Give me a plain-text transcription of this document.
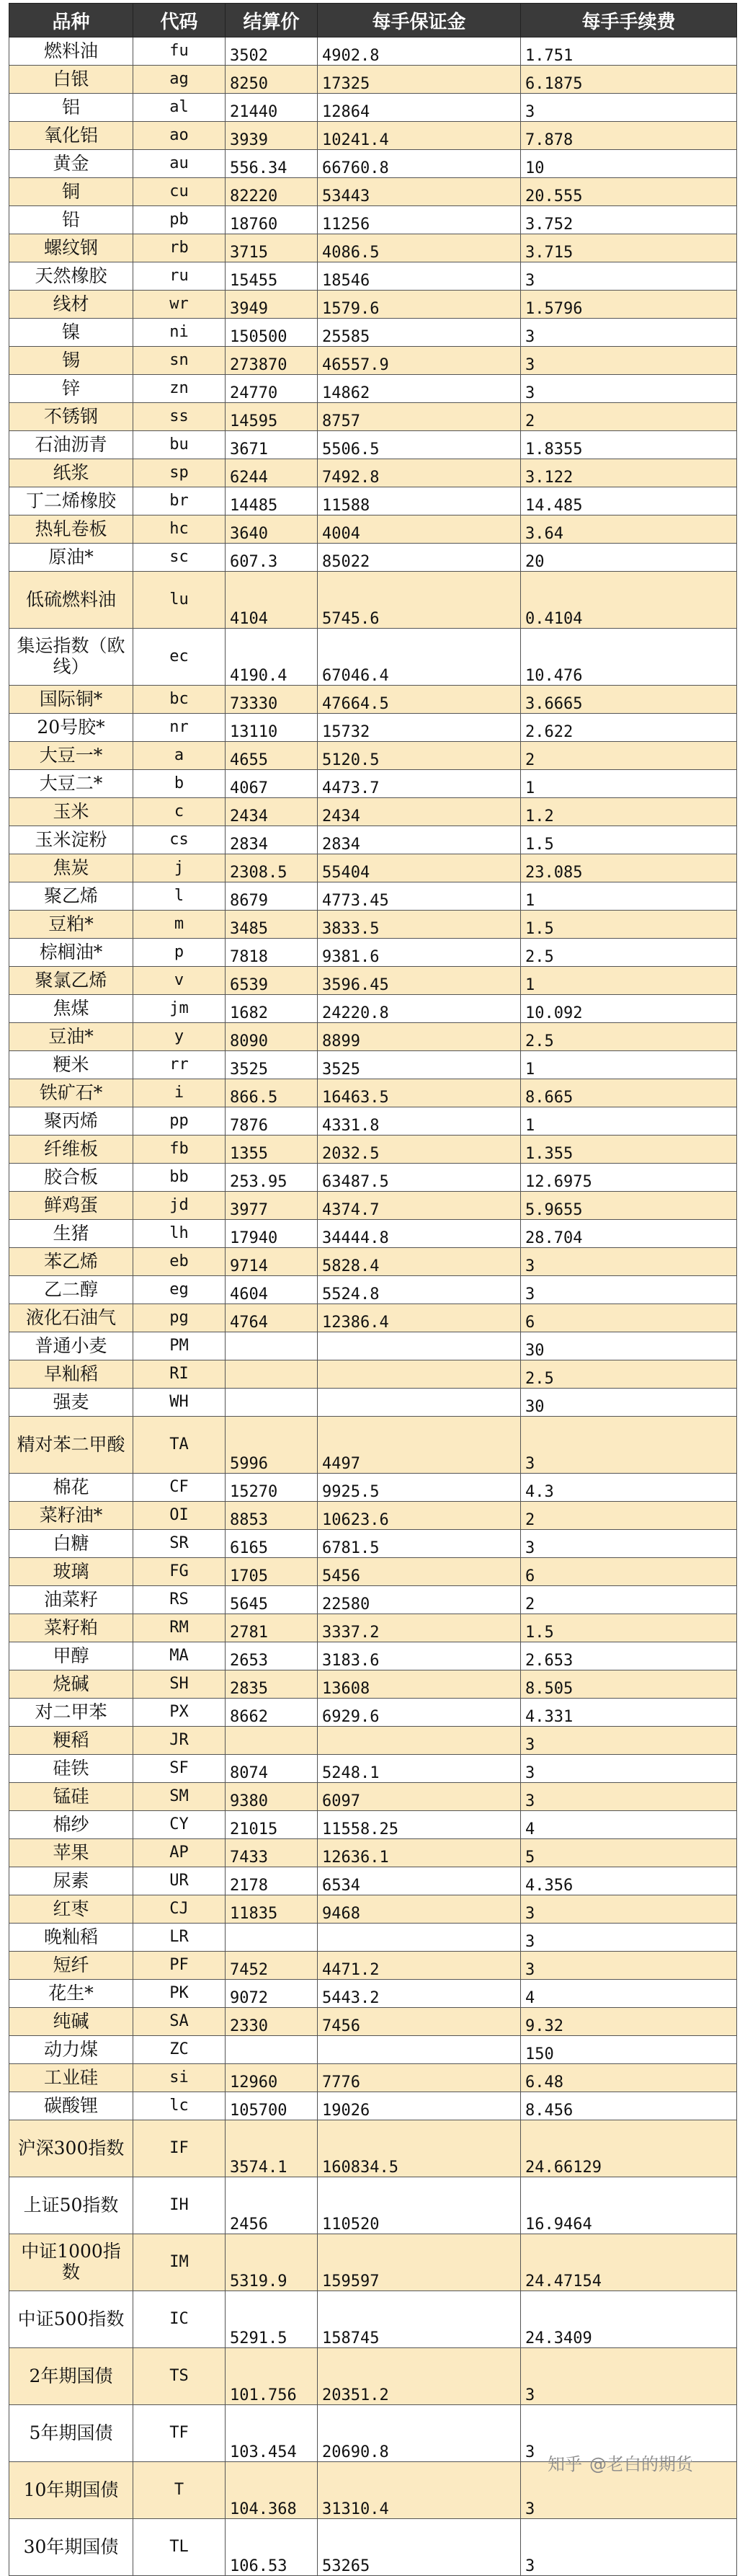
品种	代码	结算价	每手保证金	每手手续费
燃料油	fu	3502	4902.8	1.751
白银	ag	8250	17325	6.1875
铝	al	21440	12864	3
氧化铝	ao	3939	10241.4	7.878
黄金	au	556.34	66760.8	10
铜	cu	82220	53443	20.555
铅	pb	18760	11256	3.752
螺纹钢	rb	3715	4086.5	3.715
天然橡胶	ru	15455	18546	3
线材	wr	3949	1579.6	1.5796
镍	ni	150500	25585	3
锡	sn	273870	46557.9	3
锌	zn	24770	14862	3
不锈钢	ss	14595	8757	2
石油沥青	bu	3671	5506.5	1.8355
纸浆	sp	6244	7492.8	3.122
丁二烯橡胶	br	14485	11588	14.485
热轧卷板	hc	3640	4004	3.64
原油*	sc	607.3	85022	20
低硫燃料油	lu	4104	5745.6	0.4104
集运指数（欧线）	ec	4190.4	67046.4	10.476
国际铜*	bc	73330	47664.5	3.6665
20号胶*	nr	13110	15732	2.622
大豆一*	a	4655	5120.5	2
大豆二*	b	4067	4473.7	1
玉米	c	2434	2434	1.2
玉米淀粉	cs	2834	2834	1.5
焦炭	j	2308.5	55404	23.085
聚乙烯	l	8679	4773.45	1
豆粕*	m	3485	3833.5	1.5
棕榈油*	p	7818	9381.6	2.5
聚氯乙烯	v	6539	3596.45	1
焦煤	jm	1682	24220.8	10.092
豆油*	y	8090	8899	2.5
粳米	rr	3525	3525	1
铁矿石*	i	866.5	16463.5	8.665
聚丙烯	pp	7876	4331.8	1
纤维板	fb	1355	2032.5	1.355
胶合板	bb	253.95	63487.5	12.6975
鲜鸡蛋	jd	3977	4374.7	5.9655
生猪	lh	17940	34444.8	28.704
苯乙烯	eb	9714	5828.4	3
乙二醇	eg	4604	5524.8	3
液化石油气	pg	4764	12386.4	6
普通小麦	PM			30
早籼稻	RI			2.5
强麦	WH			30
精对苯二甲酸	TA	5996	4497	3
棉花	CF	15270	9925.5	4.3
菜籽油*	OI	8853	10623.6	2
白糖	SR	6165	6781.5	3
玻璃	FG	1705	5456	6
油菜籽	RS	5645	22580	2
菜籽粕	RM	2781	3337.2	1.5
甲醇	MA	2653	3183.6	2.653
烧碱	SH	2835	13608	8.505
对二甲苯	PX	8662	6929.6	4.331
粳稻	JR			3
硅铁	SF	8074	5248.1	3
锰硅	SM	9380	6097	3
棉纱	CY	21015	11558.25	4
苹果	AP	7433	12636.1	5
尿素	UR	2178	6534	4.356
红枣	CJ	11835	9468	3
晚籼稻	LR			3
短纤	PF	7452	4471.2	3
花生*	PK	9072	5443.2	4
纯碱	SA	2330	7456	9.32
动力煤	ZC			150
工业硅	si	12960	7776	6.48
碳酸锂	lc	105700	19026	8.456
沪深300指数	IF	3574.1	160834.5	24.66129
上证50指数	IH	2456	110520	16.9464
中证1000指数	IM	5319.9	159597	24.47154
中证500指数	IC	5291.5	158745	24.3409
2年期国债	TS	101.756	20351.2	3
5年期国债	TF	103.454	20690.8	3
10年期国债	T	104.368	31310.4	3
30年期国债	TL	106.53	53265	3
知乎 @老白的期货
